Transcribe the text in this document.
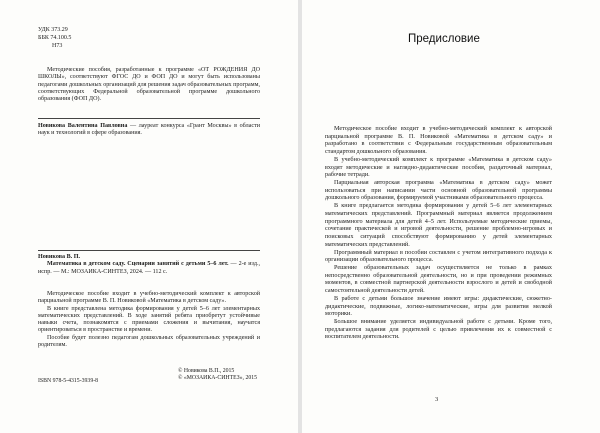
УДК 373.29
ББК 74.100.5
Н73

Методические пособия, разработанные к программе «ОТ РОЖДЕНИЯ ДО ШКОЛЫ», соответствуют ФГОС ДО и ФОП ДО и могут быть использованы педагогами дошкольных организаций для решения задач образовательных программ, соответствующих Федеральной образовательной программе дошкольного образования (ФОП ДО).

Новикова Валентина Павловна — лауреат конкурса «Грант Москвы» в области наук и технологий в сфере образования.

Новикова В. П.

Математика в детском саду. Сценарии занятий с детьми 5–6 лет. — 2-е изд., испр. — М.: МОЗАИКА-СИНТЕЗ, 2024. — 112 с.

Методическое пособие входит в учебно-методический комплект к авторской парциальной программе В. П. Новиковой «Математика в детском саду».

В книге представлена методика формирования у детей 5–6 лет элементарных математических представлений. В ходе занятий ребята приобретут устойчивые навыки счета, познакомятся с приемами сложения и вычитания, научатся ориентироваться в пространстве и времени.

Пособие будет полезно педагогам дошкольных образовательных учреждений и родителям.

ISBN 978-5-4315-3939-8
© Новикова В.П., 2015
© «МОЗАИКА-СИНТЕЗ», 2015
Предисловие

Методическое пособие входит в учебно-методический комплект к авторской парциальной программе В. П. Новиковой «Математика в детском саду» и разработано в соответствии с Федеральным государственным образовательным стандартом дошкольного образования.

В учебно-методический комплект к программе «Математика в детском саду» входят методические и наглядно-дидактические пособия, раздаточный материал, рабочие тетради.

Парциальная авторская программа «Математика в детском саду» может использоваться при написании части основной образовательной программы дошкольного образования, формируемой участниками образовательного процесса.

В книге предлагается методика формирования у детей 5–6 лет элементарных математических представлений. Программный материал является продолжением программного материала для детей 4–5 лет. Используемые методические приемы, сочетание практической и игровой деятельности, решение проблемно-игровых и поисковых ситуаций способствуют формированию у детей элементарных математических представлений.

Программный материал в пособии составлен с учетом интегративного подхода к организации образовательного процесса.

Решение образовательных задач осуществляется не только в рамках непосредственно образовательной деятельности, но и при проведении режимных моментов, в совместной партнерской деятельности взрослого и детей и свободной самостоятельной деятельности детей.

В работе с детьми большое значение имеют игры: дидактические, сюжетно-дидактические, подвижные, логико-математические, игры для развития мелкой моторики.

Большое внимание уделяется индивидуальной работе с детьми. Кроме того, предлагаются задания для родителей с целью привлечения их к совместной с воспитателем деятельности.

3
